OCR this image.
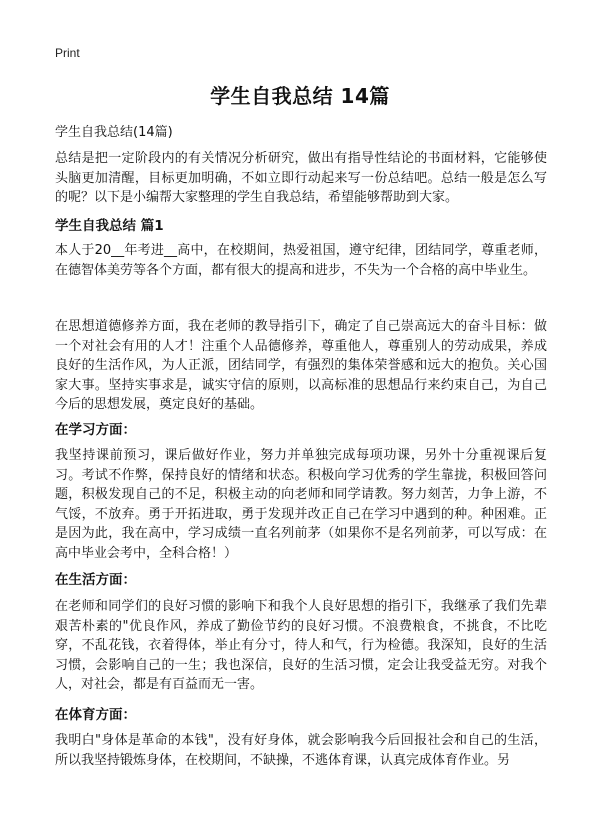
Print
学生自我总结 14篇
学生自我总结(14篇)

总结是把一定阶段内的有关情况分析研究，做出有指导性结论的书面材料，它能够使头脑更加清醒，目标更加明确，不如立即行动起来写一份总结吧。总结一般是怎么写的呢？以下是小编帮大家整理的学生自我总结，希望能够帮助到大家。

学生自我总结 篇1

本人于20__年考进__高中，在校期间，热爱祖国，遵守纪律，团结同学，尊重老师，在德智体美劳等各个方面，都有很大的提高和进步，不失为一个合格的高中毕业生。

在思想道德修养方面，我在老师的教导指引下，确定了自己崇高远大的奋斗目标：做一个对社会有用的人才！注重个人品德修养，尊重他人，尊重别人的劳动成果，养成良好的生活作风，为人正派，团结同学，有强烈的集体荣誉感和远大的抱负。关心国家大事。坚持实事求是，诚实守信的原则，以高标准的思想品行来约束自己，为自己今后的思想发展，奠定良好的基础。

在学习方面：

我坚持课前预习，课后做好作业，努力并单独完成每项功课，另外十分重视课后复习。考试不作弊，保持良好的情绪和状态。积极向学习优秀的学生靠拢，积极回答问题，积极发现自己的不足，积极主动的向老师和同学请教。努力刻苦，力争上游，不气馁，不放弃。勇于开拓进取，勇于发现并改正自己在学习中遇到的种。种困难。正是因为此，我在高中，学习成绩一直名列前茅（如果你不是名列前茅，可以写成：在高中毕业会考中，全科合格！）

在生活方面：

在老师和同学们的良好习惯的影响下和我个人良好思想的指引下，我继承了我们先辈艰苦朴素的"优良作风，养成了勤俭节约的良好习惯。不浪费粮食，不挑食，不比吃穿，不乱花钱，衣着得体，举止有分寸，待人和气，行为检德。我深知，良好的生活习惯，会影响自己的一生；我也深信，良好的生活习惯，定会让我受益无穷。对我个人，对社会，都是有百益而无一害。

在体育方面：

我明白"身体是革命的本钱"，没有好身体，就会影响我今后回报社会和自己的生活，所以我坚持锻炼身体，在校期间，不缺操，不逃体育课，认真完成体育作业。另
